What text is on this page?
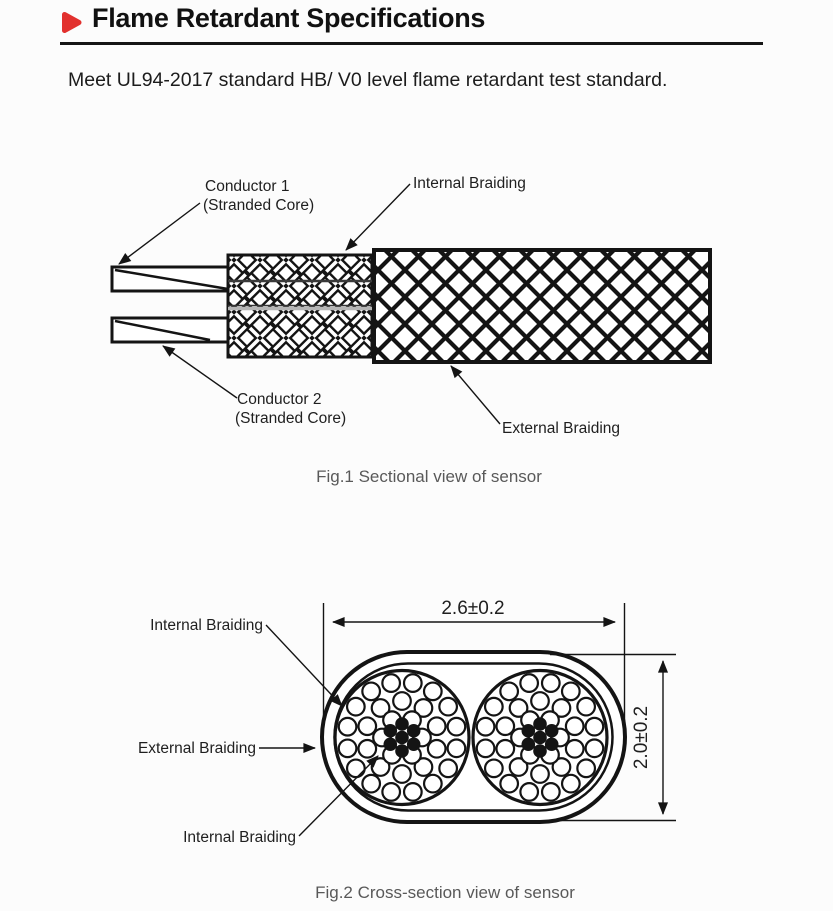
Flame Retardant Specifications
Meet UL94-2017 standard HB/ V0 level flame retardant test standard.
Conductor 1
(Stranded Core)
Internal Braiding
Conductor 2
(Stranded Core)
External Braiding
Fig.1 Sectional view of sensor
2.6±0.2
2.0±0.2
Internal Braiding
External Braiding
Internal Braiding
Fig.2 Cross-section view of sensor
